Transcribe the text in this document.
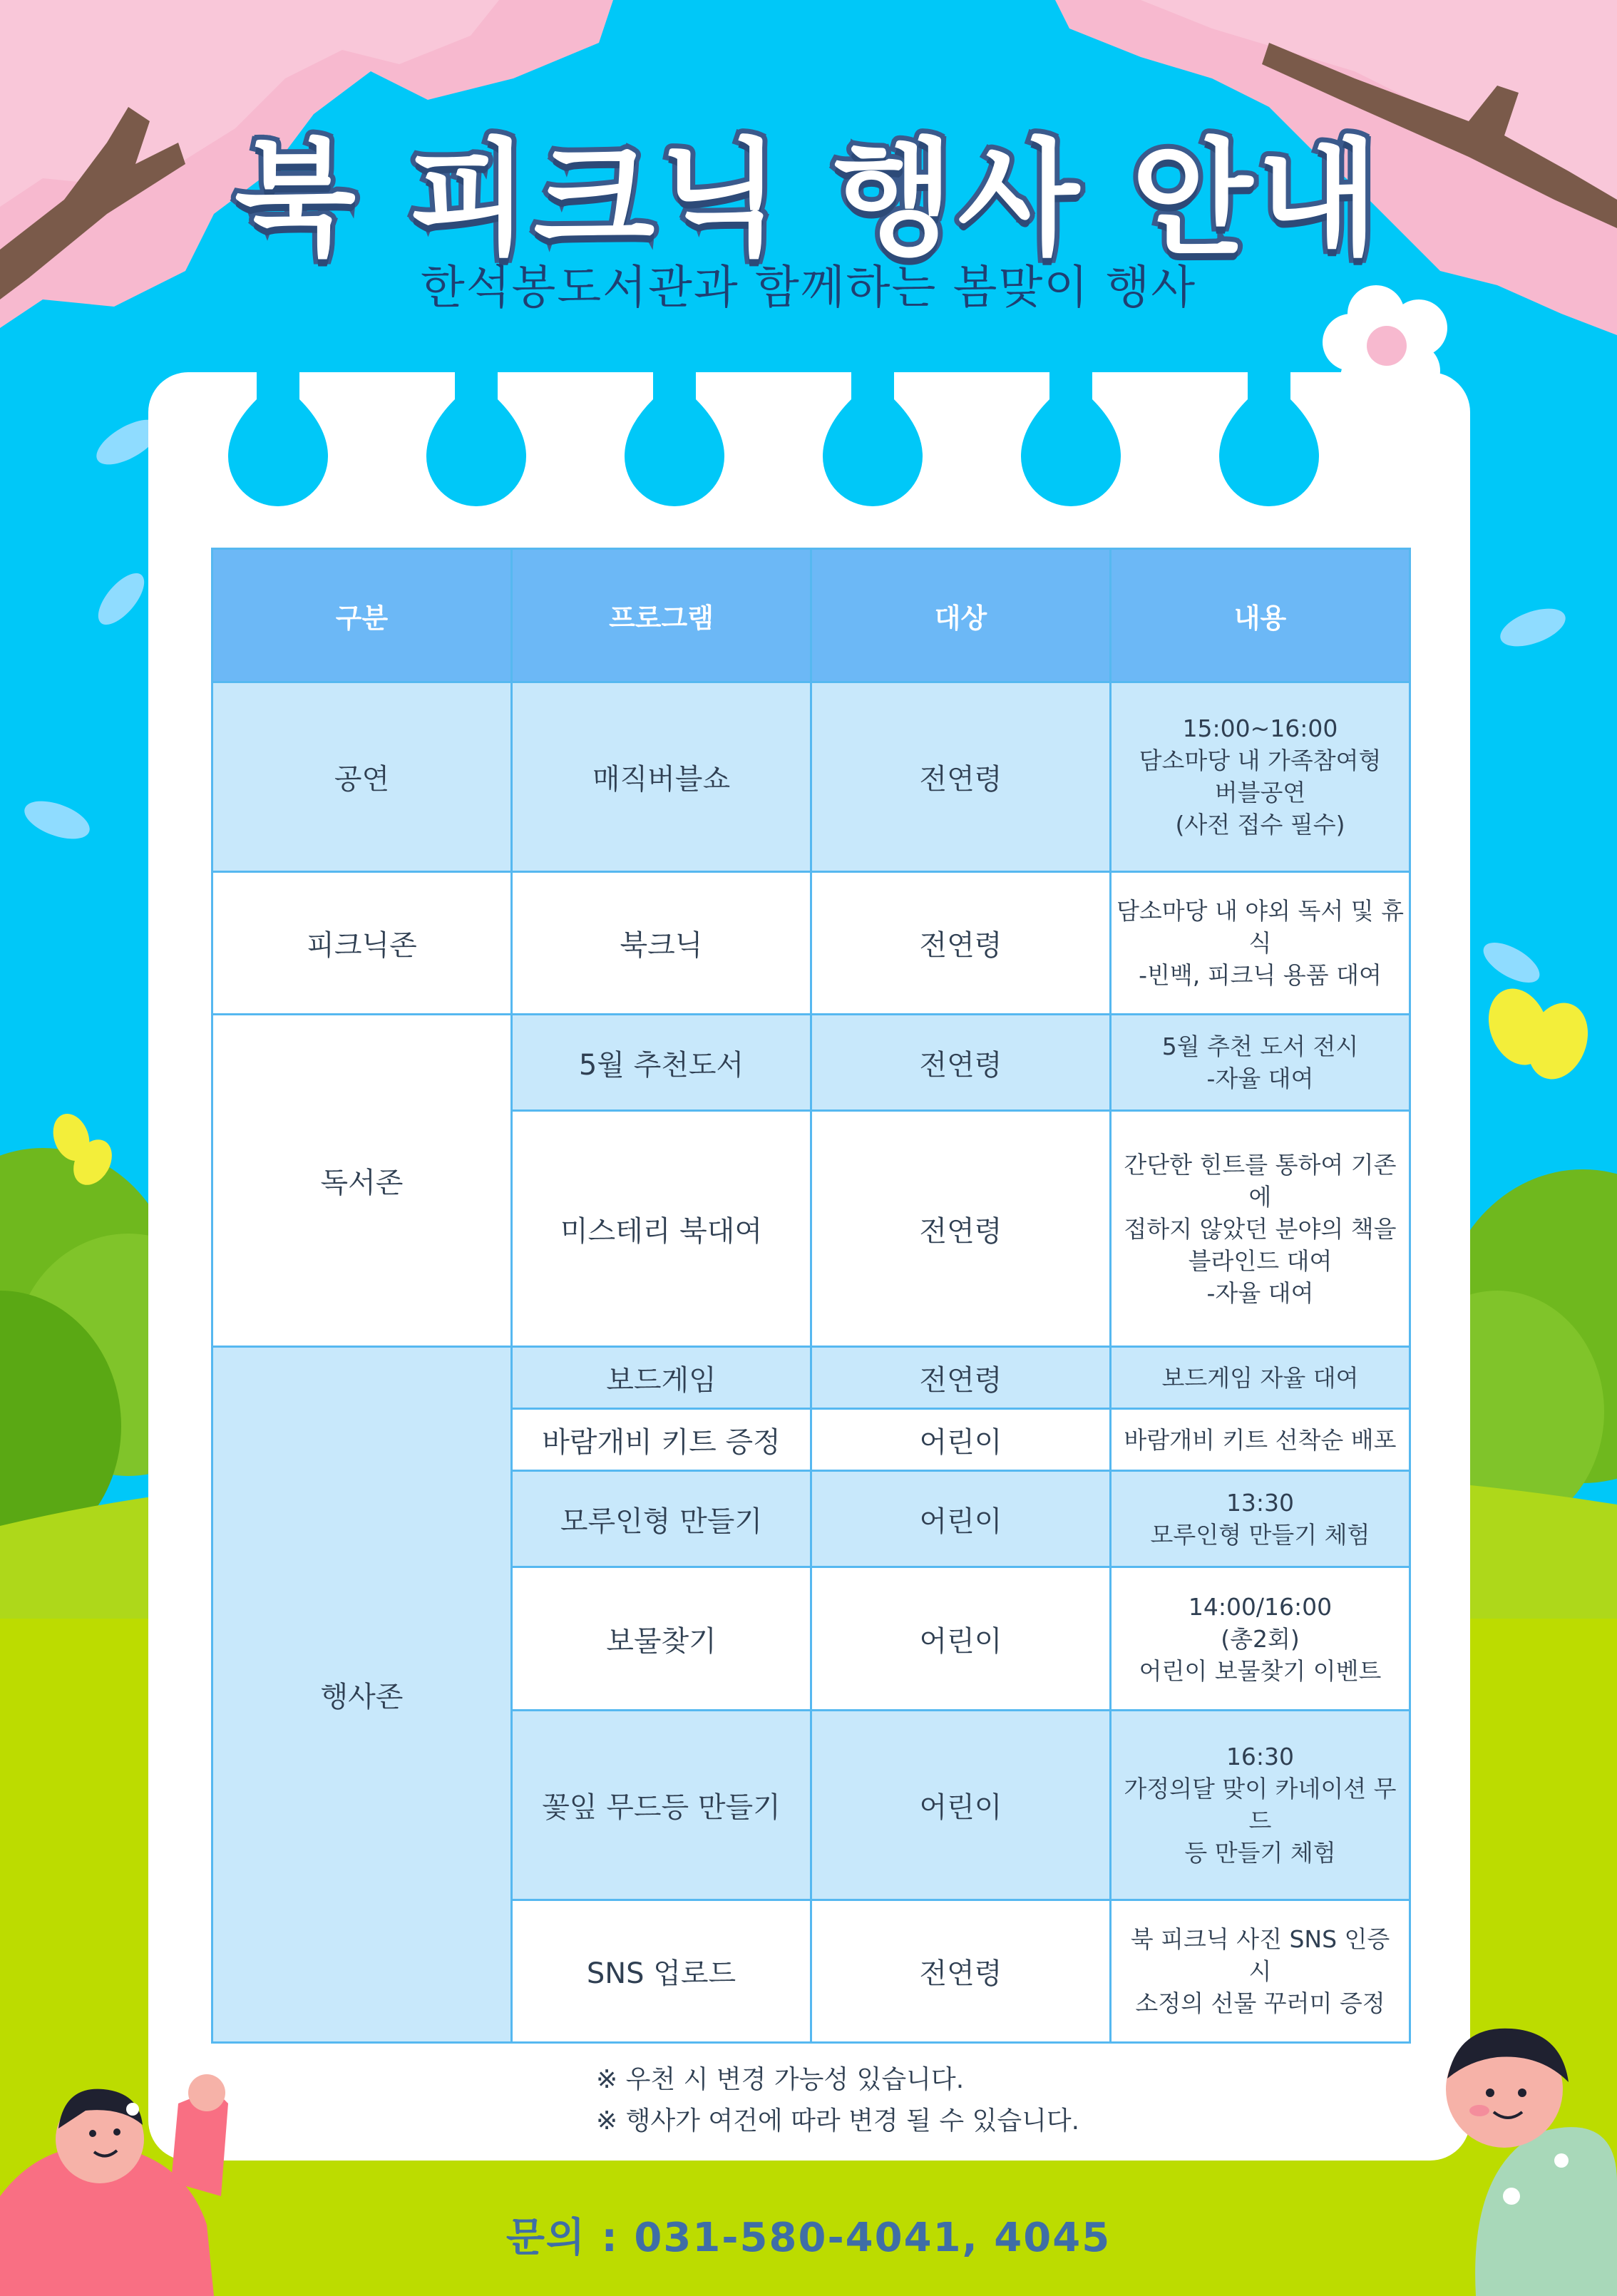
북 피크닉 행사 안내
한석봉도서관과 함께하는 봄맞이 행사
구분	프로그램	대상	내용
공연	매직버블쇼	전연령	15:00~16:00
담소마당 내 가족참여형
버블공연
(사전 접수 필수)
피크닉존	북크닉	전연령	담소마당 내 야외 독서 및 휴
식
-빈백, 피크닉 용품 대여
독서존	5월 추천도서	전연령	5월 추천 도서 전시
-자율 대여
	미스테리 북대여	전연령	간단한 힌트를 통하여 기존에
접하지 않았던 분야의 책을
블라인드 대여
-자율 대여
행사존	보드게임	전연령	보드게임 자율 대여
	바람개비 키트 증정	어린이	바람개비 키트 선착순 배포
	모루인형 만들기	어린이	13:30
모루인형 만들기 체험
	보물찾기	어린이	14:00/16:00
(총2회)
어린이 보물찾기 이벤트
	꽃잎 무드등 만들기	어린이	16:30
가정의달 맞이 카네이션 무드
등 만들기 체험
	SNS 업로드	전연령	북 피크닉 사진 SNS 인증 시
소정의 선물 꾸러미 증정
※ 우천 시 변경 가능성 있습니다.
※ 행사가 여건에 따라 변경 될 수 있습니다.
문의 : 031-580-4041, 4045
